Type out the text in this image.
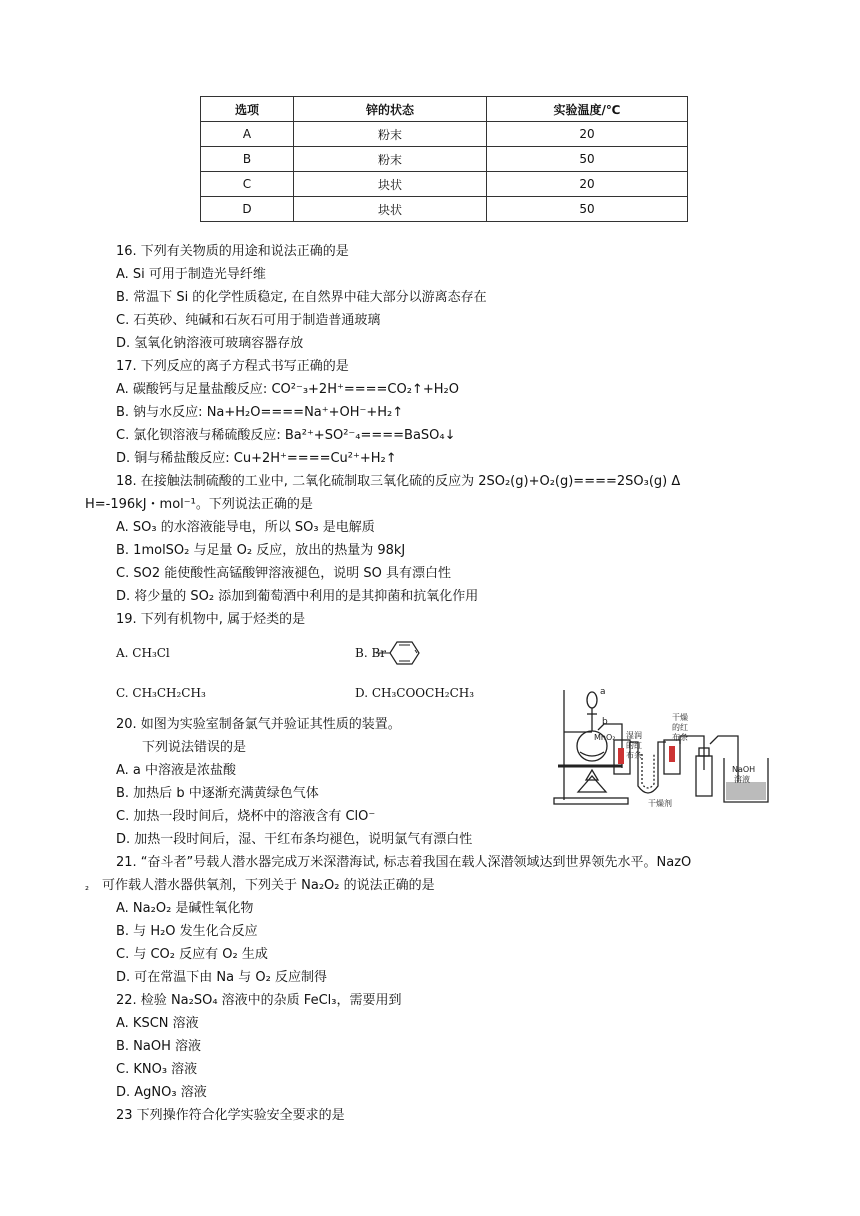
选项	锌的状态	实验温度/℃
A	粉末	20
B	粉末	50
C	块状	20
D	块状	50
16. 下列有关物质的用途和说法正确的是
A. Si 可用于制造光导纤维
B. 常温下 Si 的化学性质稳定, 在自然界中硅大部分以游离态存在
C. 石英砂、纯碱和石灰石可用于制造普通玻璃
D. 氢氧化钠溶液可玻璃容器存放
17. 下列反应的离子方程式书写正确的是
A. 碳酸钙与足量盐酸反应: CO²⁻₃+2H⁺====CO₂↑+H₂O
B. 钠与水反应: Na+H₂O====Na⁺+OH⁻+H₂↑
C. 氯化钡溶液与稀硫酸反应: Ba²⁺+SO²⁻₄====BaSO₄↓
D. 铜与稀盐酸反应: Cu+2H⁺====Cu²⁺+H₂↑
18. 在接触法制硫酸的工业中, 二氧化硫制取三氧化硫的反应为 2SO₂(g)+O₂(g)====2SO₃(g) Δ
H=-196kJ・mol⁻¹。下列说法正确的是
A. SO₃ 的水溶液能导电，所以 SO₃ 是电解质
B. 1molSO₂ 与足量 O₂ 反应，放出的热量为 98kJ
C. SO2 能使酸性高锰酸钾溶液褪色，说明 SO 具有漂白性
D. 将少量的 SO₂ 添加到葡萄酒中利用的是其抑菌和抗氧化作用
19. 下列有机物中, 属于烃类的是
A. CH₃Cl	B. Br
C. CH₃CH₂CH₃	D. CH₃COOCH₂CH₃
20. 如图为实验室制备氯气并验证其性质的装置。
下列说法错误的是
A. a 中溶液是浓盐酸
B. 加热后 b 中逐渐充满黄绿色气体
C. 加热一段时间后，烧杯中的溶液含有 ClO⁻
D. 加热一段时间后，湿、干红布条均褪色，说明氯气有漂白性
a
b
MnO₂ 湿润
的红
布条
干燥
的红
布条
干燥剂
NaOH
溶液
21. “奋斗者”号载人潜水器完成万米深潜海试, 标志着我国在载人深潜领域达到世界领先水平。NazO
₂ 可作载人潜水器供氧剂，下列关于 Na₂O₂ 的说法正确的是
A. Na₂O₂ 是碱性氧化物
B. 与 H₂O 发生化合反应
C. 与 CO₂ 反应有 O₂ 生成
D. 可在常温下由 Na 与 O₂ 反应制得
22. 检验 Na₂SO₄ 溶液中的杂质 FeCl₃，需要用到
A. KSCN 溶液
B. NaOH 溶液
C. KNO₃ 溶液
D. AgNO₃ 溶液
23 下列操作符合化学实验安全要求的是
